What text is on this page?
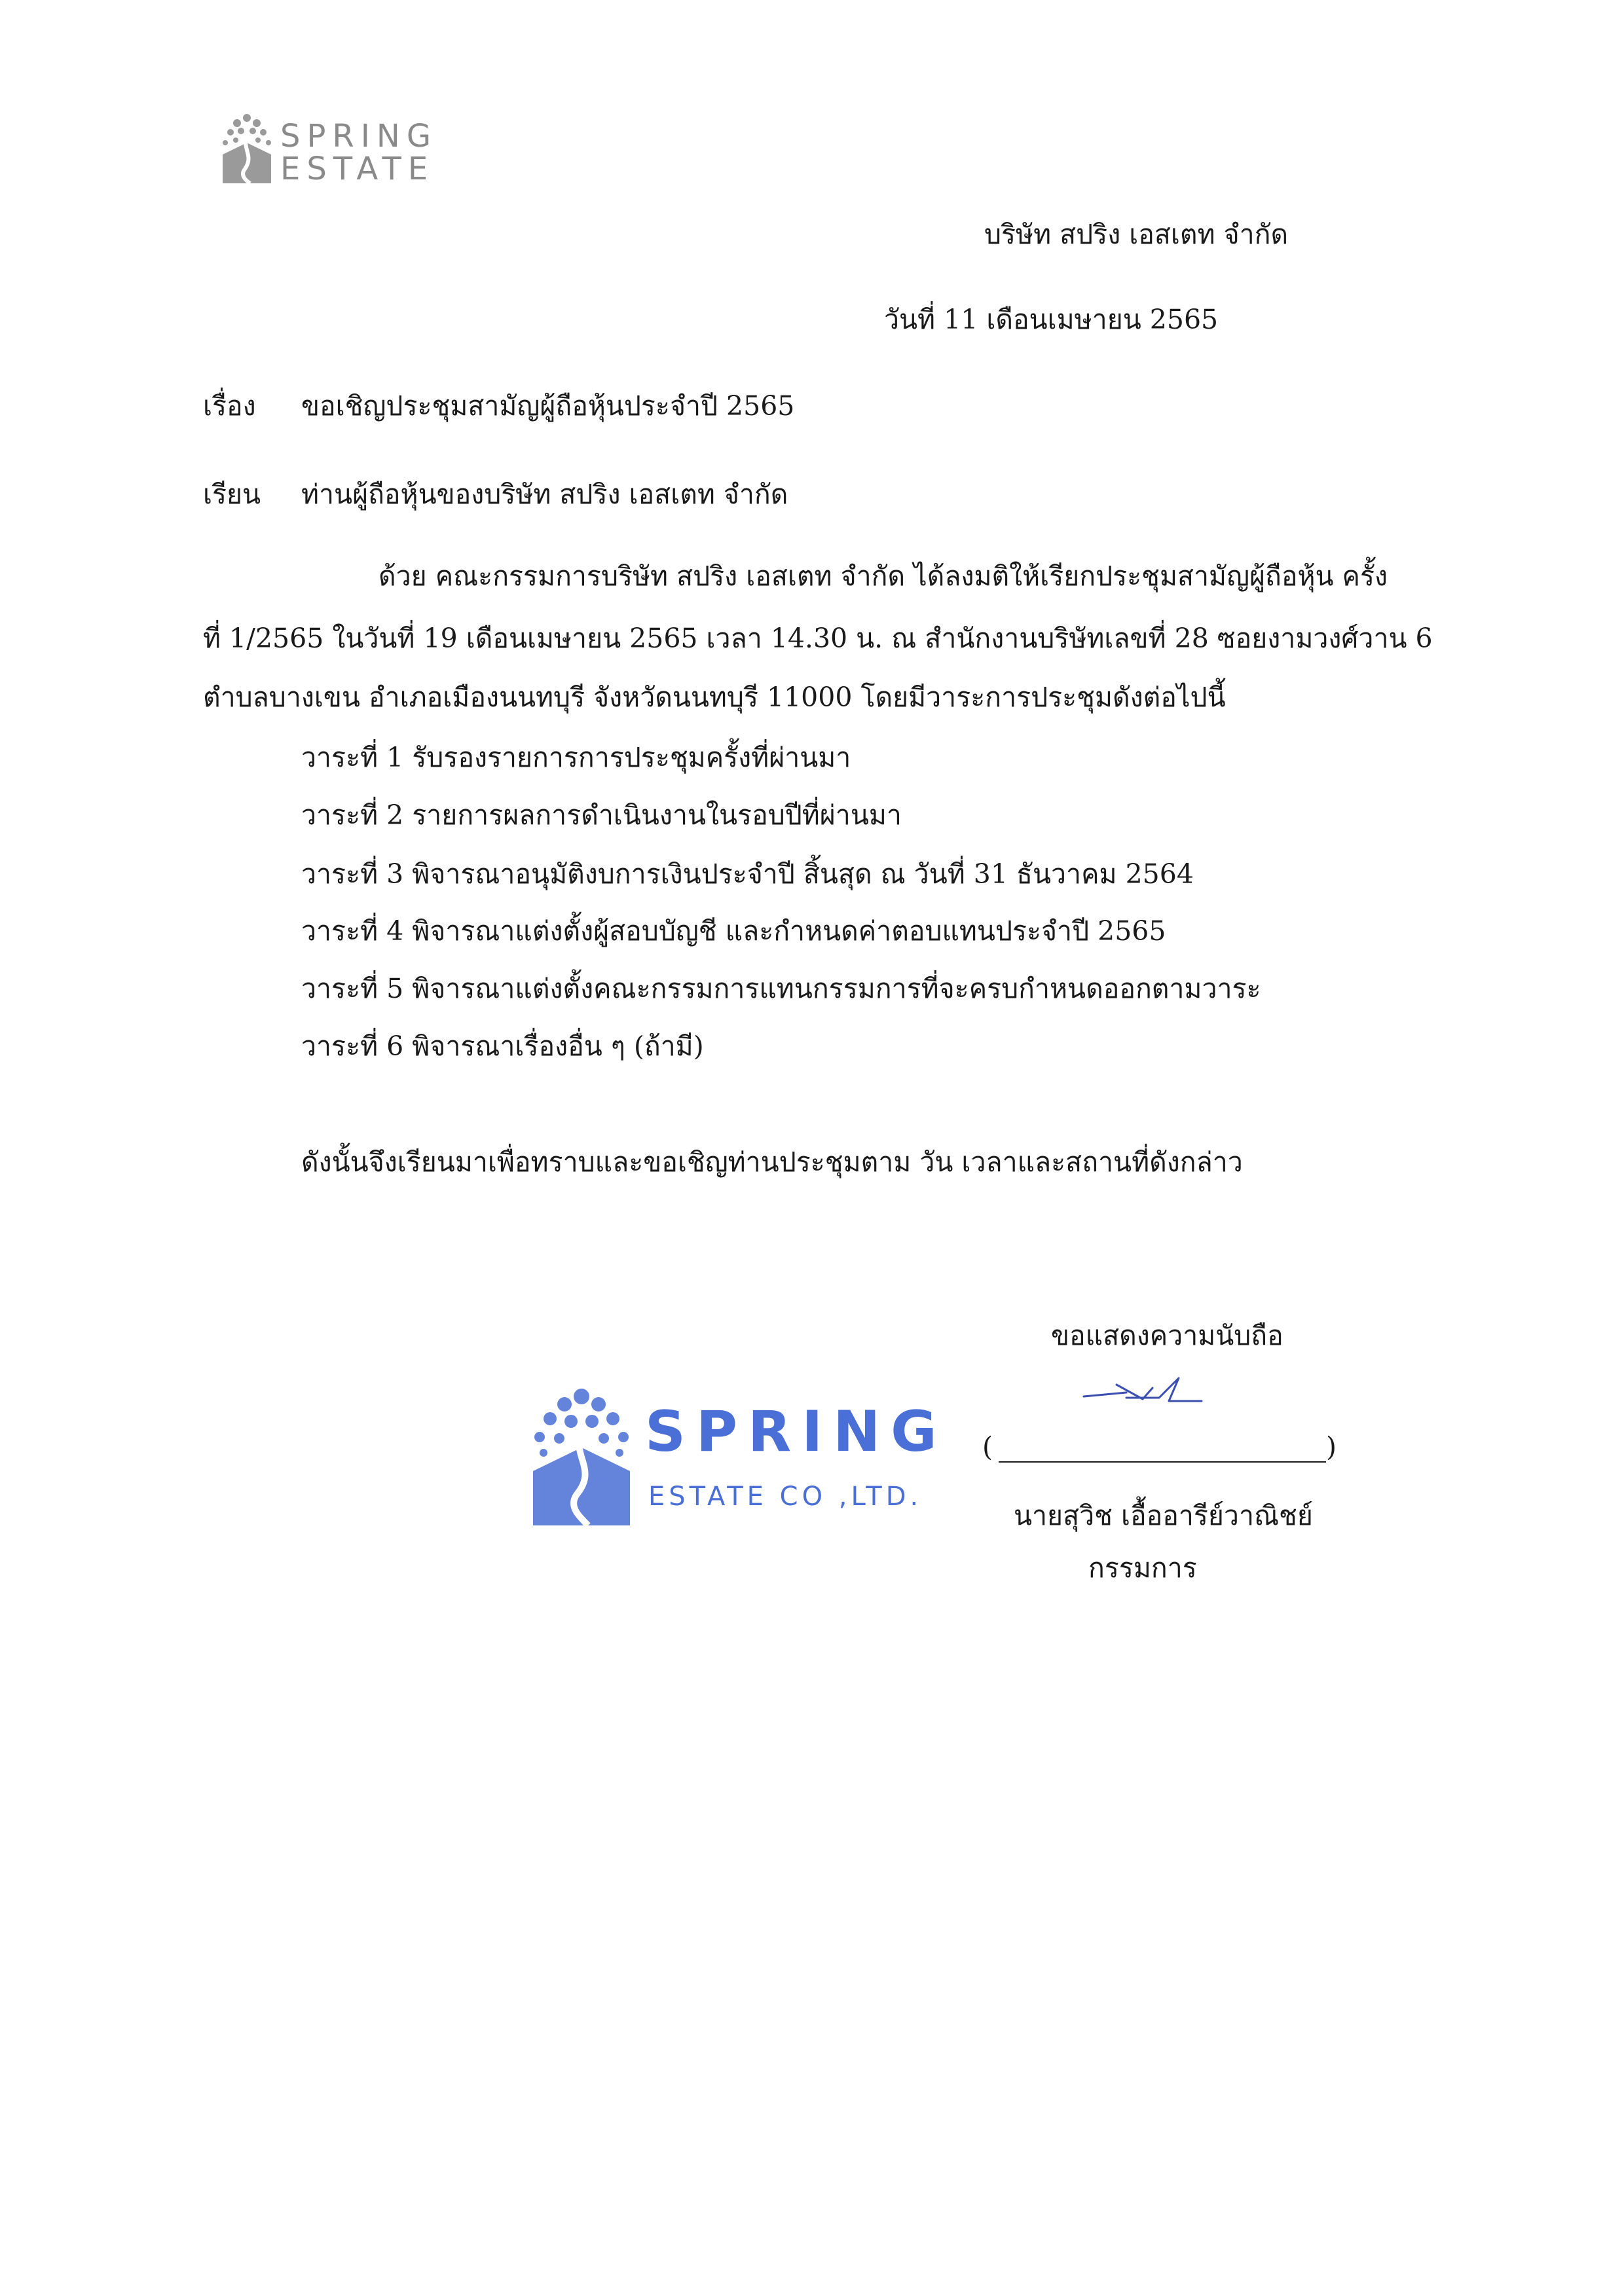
SPRING
ESTATE
บริษัท สปริง เอสเตท จำกัด
วันที่ 11 เดือนเมษายน 2565
เรื่อง ขอเชิญประชุมสามัญผู้ถือหุ้นประจำปี 2565
เรียน ท่านผู้ถือหุ้นของบริษัท สปริง เอสเตท จำกัด
ด้วย คณะกรรมการบริษัท สปริง เอสเตท จำกัด ได้ลงมติให้เรียกประชุมสามัญผู้ถือหุ้น ครั้ง
ที่ 1/2565 ในวันที่ 19 เดือนเมษายน 2565 เวลา 14.30 น. ณ สำนักงานบริษัทเลขที่ 28 ซอยงามวงศ์วาน 6
ตำบลบางเขน อำเภอเมืองนนทบุรี จังหวัดนนทบุรี 11000 โดยมีวาระการประชุมดังต่อไปนี้
วาระที่ 1 รับรองรายการการประชุมครั้งที่ผ่านมา
วาระที่ 2 รายการผลการดำเนินงานในรอบปีที่ผ่านมา
วาระที่ 3 พิจารณาอนุมัติงบการเงินประจำปี สิ้นสุด ณ วันที่ 31 ธันวาคม 2564
วาระที่ 4 พิจารณาแต่งตั้งผู้สอบบัญชี และกำหนดค่าตอบแทนประจำปี 2565
วาระที่ 5 พิจารณาแต่งตั้งคณะกรรมการแทนกรรมการที่จะครบกำหนดออกตามวาระ
วาระที่ 6 พิจารณาเรื่องอื่น ๆ (ถ้ามี)
ดังนั้นจึงเรียนมาเพื่อทราบและขอเชิญท่านประชุมตาม วัน เวลาและสถานที่ดังกล่าว
ขอแสดงความนับถือ
(	)
นายสุวิช เอื้ออารีย์วาณิชย์
กรรมการ
SPRING
ESTATE CO ,LTD.
